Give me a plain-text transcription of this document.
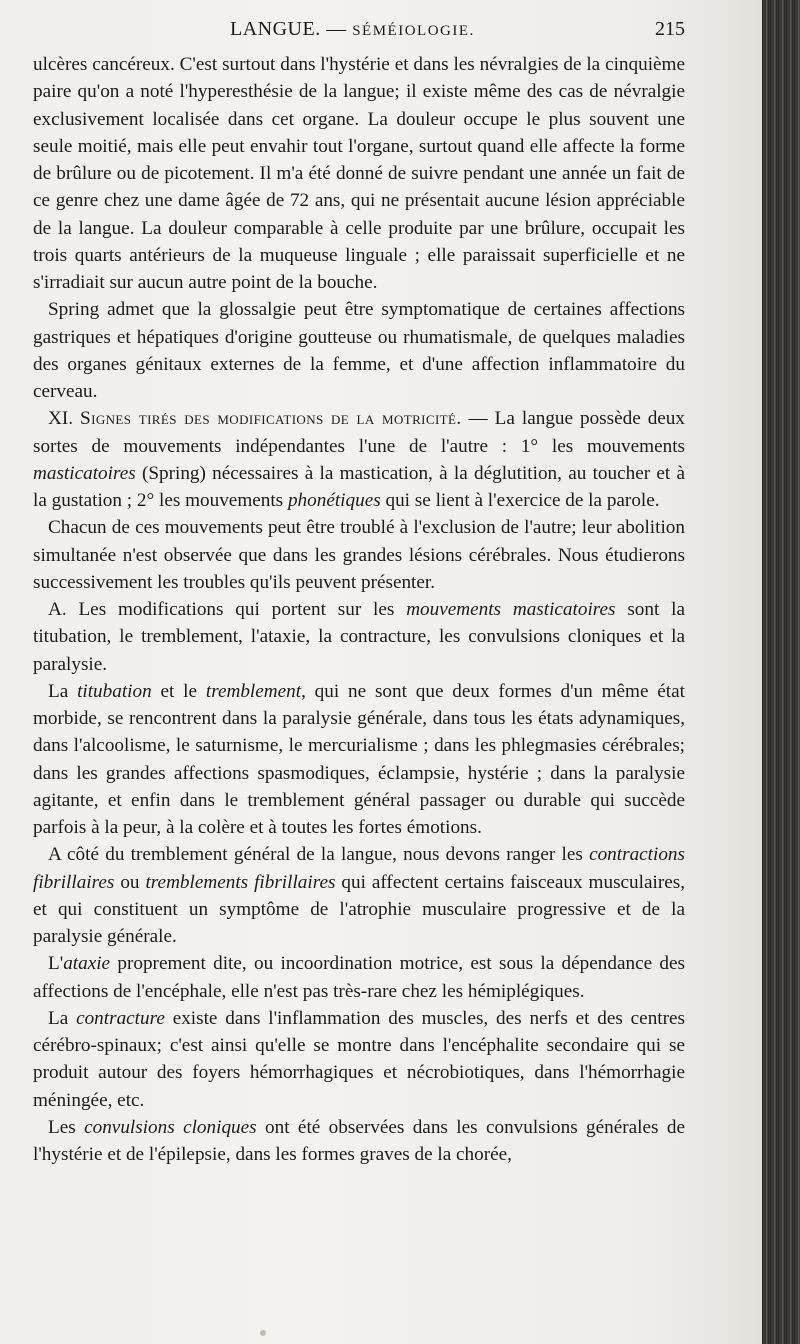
LANGUE. — SÉMÉIOLOGIE.	215

ulcères cancéreux. C'est surtout dans l'hystérie et dans les névralgies de la cinquième paire qu'on a noté l'hyperesthésie de la langue; il existe même des cas de névralgie exclusivement localisée dans cet organe. La douleur occupe le plus souvent une seule moitié, mais elle peut envahir tout l'organe, surtout quand elle affecte la forme de brûlure ou de picotement. Il m'a été donné de suivre pendant une année un fait de ce genre chez une dame âgée de 72 ans, qui ne présentait aucune lésion appréciable de la langue. La douleur comparable à celle produite par une brûlure, occupait les trois quarts antérieurs de la muqueuse linguale ; elle paraissait superficielle et ne s'irradiait sur aucun autre point de la bouche.

Spring admet que la glossalgie peut être symptomatique de certaines affections gastriques et hépatiques d'origine goutteuse ou rhumatismale, de quelques maladies des organes génitaux externes de la femme, et d'une affection inflammatoire du cerveau.

XI. Signes tirés des modifications de la motricité. — La langue possède deux sortes de mouvements indépendantes l'une de l'autre : 1° les mouvements masticatoires (Spring) nécessaires à la mastication, à la déglutition, au toucher et à la gustation ; 2° les mouvements phonétiques qui se lient à l'exercice de la parole.

Chacun de ces mouvements peut être troublé à l'exclusion de l'autre; leur abolition simultanée n'est observée que dans les grandes lésions cérébrales. Nous étudierons successivement les troubles qu'ils peuvent présenter.

A. Les modifications qui portent sur les mouvements masticatoires sont la titubation, le tremblement, l'ataxie, la contracture, les convulsions cloniques et la paralysie.

La titubation et le tremblement, qui ne sont que deux formes d'un même état morbide, se rencontrent dans la paralysie générale, dans tous les états adynamiques, dans l'alcoolisme, le saturnisme, le mercurialisme ; dans les phlegmasies cérébrales; dans les grandes affections spasmodiques, éclampsie, hystérie ; dans la paralysie agitante, et enfin dans le tremblement général passager ou durable qui succède parfois à la peur, à la colère et à toutes les fortes émotions.

A côté du tremblement général de la langue, nous devons ranger les contractions fibrillaires ou tremblements fibrillaires qui affectent certains faisceaux musculaires, et qui constituent un symptôme de l'atrophie musculaire progressive et de la paralysie générale.

L'ataxie proprement dite, ou incoordination motrice, est sous la dépendance des affections de l'encéphale, elle n'est pas très-rare chez les hémiplégiques.

La contracture existe dans l'inflammation des muscles, des nerfs et des centres cérébro-spinaux; c'est ainsi qu'elle se montre dans l'encéphalite secondaire qui se produit autour des foyers hémorrhagiques et nécrobiotiques, dans l'hémorrhagie méningée, etc.

Les convulsions cloniques ont été observées dans les convulsions générales de l'hystérie et de l'épilepsie, dans les formes graves de la chorée,
